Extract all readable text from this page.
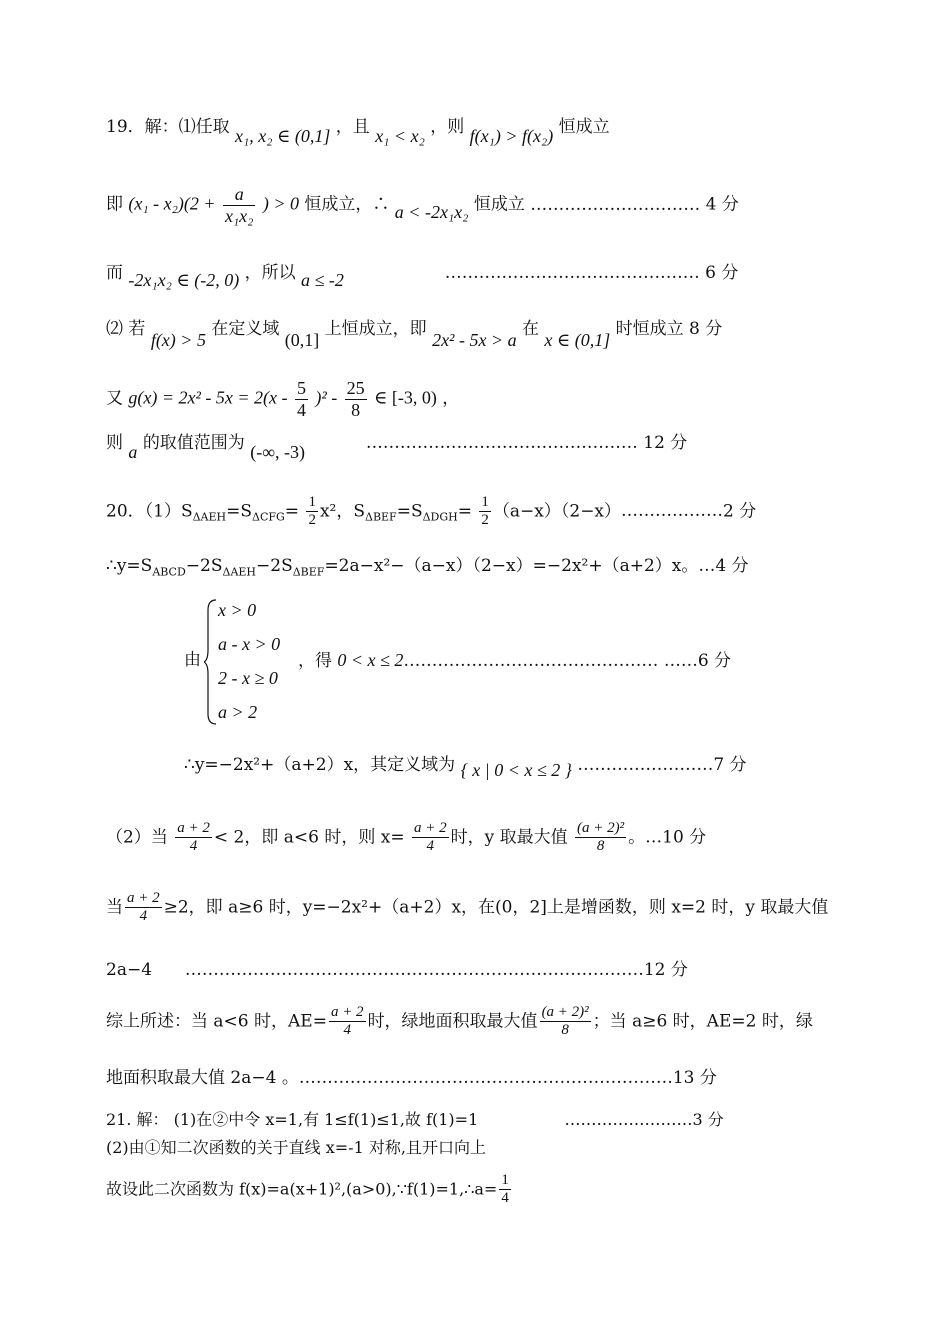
19．解：⑴任取 x₁, x₂ ∈ (0,1] ，且 x₁ < x₂ ，则 f(x₁) > f(x₂) 恒成立
即 $(x_1 - x_2)(2 + \frac{a}{\text{x₁x₂}}$ ) > 0 恒成立，∴ a < -2x₁x₂ 恒成立 ………………………… 4 分
而 -2x₁x₂ ∈ (-2, 0) ，所以 a ≤ -2	……………………………………… 6 分
⑵ 若 f(x) > 5 在定义域 (0,1] 上恒成立，即 2x² - 5x > a 在 x ∈ (0,1] 时恒成立 8 分
又 $g(x) = 2x^2 - 5x = 2(x - \frac{5}{4} )^2 - \frac{25}{8}$ ∈ [-3, 0) ，
则 a 的取值范围为 (-∞, -3)	………………………………………… 12 分
20．$(1)S_{\Delta AEH}=S_{\Delta CFG}= \frac{1}{2} x^2$，$S_{\Delta BEF}=S_{\Delta DGH}= \frac{1}{2}$ （a−x）（2−x）………………2 分
$\therefore y=S_{ABCD}-2S_{\Delta AEH}-2S_{\Delta BEF}=2a-x^2-(a-x)(2-x)=-2x^2+(a+2)x$。…4 分
由
x > 0
a - x > 0
2 - x ≥ 0
a > 2
，得 0 < x ≤ 2……………………………………… ……6 分
∴y=−2x²+（a+2）x，其定义域为 { x | 0 < x ≤ 2 } ……………………7 分
（2）当 $\frac{a + 2}{4} < 2$，即 a<6 时，则 $x= \frac{a + 2}{4}$ 时，y 取最大值 $\frac{\text{(a + 2)²}}{8}$ 。…10 分
当 $\frac{a + 2}{4} \ge 2$，即 a≥6 时，y=−2x²+（a+2）x，在(0，2]上是增函数，则 x=2 时，y 取最大值
2a−4 ………………………………………………………………………12 分
综上所述：当 a<6 时，$AE= \frac{a + 2}{4}$ 时，绿地面积取最大值 $\frac{\text{(a + 2)²}}{8}$ ；当 a≥6 时，AE=2 时，绿
地面积取最大值 2a−4 。…………………………………………………………13 分
21. 解： (1)在②中令 x=1,有 1≤f(1)≤1,故 f(1)=1	……………………3 分
(2)由①知二次函数的关于直线 x=-1 对称,且开口向上
故设此二次函数为 f(x)=a(x+1)²,(a>0),∵f(1)=1,∴a= $\frac{1}{4}$
